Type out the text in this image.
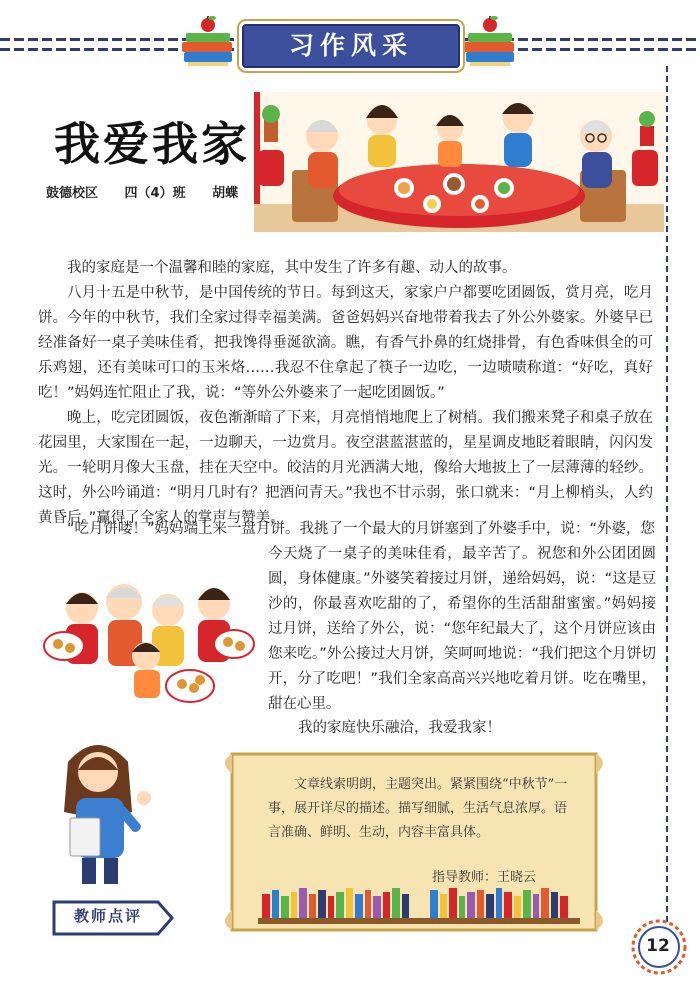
习作风采
我爱我家
鼓德校区 四（4）班 胡蝶
我的家庭是一个温馨和睦的家庭，其中发生了许多有趣、动人的故事。
八月十五是中秋节，是中国传统的节日。每到这天，家家户户都要吃团圆饭，赏月亮，吃月饼。今年的中秋节，我们全家过得幸福美满。爸爸妈妈兴奋地带着我去了外公外婆家。外婆早已经准备好一桌子美味佳肴，把我馋得垂涎欲滴。瞧，有香气扑鼻的红烧排骨，有色香味俱全的可乐鸡翅，还有美味可口的玉米烙……我忍不住拿起了筷子一边吃，一边啧啧称道：“好吃，真好吃！”妈妈连忙阻止了我，说：“等外公外婆来了一起吃团圆饭。”
晚上，吃完团圆饭，夜色渐渐暗了下来，月亮悄悄地爬上了树梢。我们搬来凳子和桌子放在花园里，大家围在一起，一边聊天，一边赏月。夜空湛蓝湛蓝的，星星调皮地眨着眼睛，闪闪发光。一轮明月像大玉盘，挂在天空中。皎洁的月光洒满大地，像给大地披上了一层薄薄的轻纱。这时，外公吟诵道：“明月几时有？把酒问青天。”我也不甘示弱，张口就来：“月上柳梢头，人约黄昏后。”赢得了全家人的掌声与赞美。
“吃月饼喽！”妈妈端上来一盘月饼。我挑了一个最大的月饼塞到了外婆手中，说：“外婆，您
今天烧了一桌子的美味佳肴，最辛苦了。祝您和外公团团圆圆，身体健康。”外婆笑着接过月饼，递给妈妈，说：“这是豆沙的，你最喜欢吃甜的了，希望你的生活甜甜蜜蜜。”妈妈接过月饼，送给了外公，说：“您年纪最大了，这个月饼应该由您来吃。”外公接过大月饼，笑呵呵地说：“我们把这个月饼切开，分了吃吧！”我们全家高高兴兴地吃着月饼。吃在嘴里，甜在心里。
我的家庭快乐融洽，我爱我家！
教师点评
文章线索明朗，主题突出。紧紧围绕“中秋节”一事，展开详尽的描述。描写细腻，生活气息浓厚。语言准确、鲜明、生动，内容丰富具体。
指导教师：王晓云
12
